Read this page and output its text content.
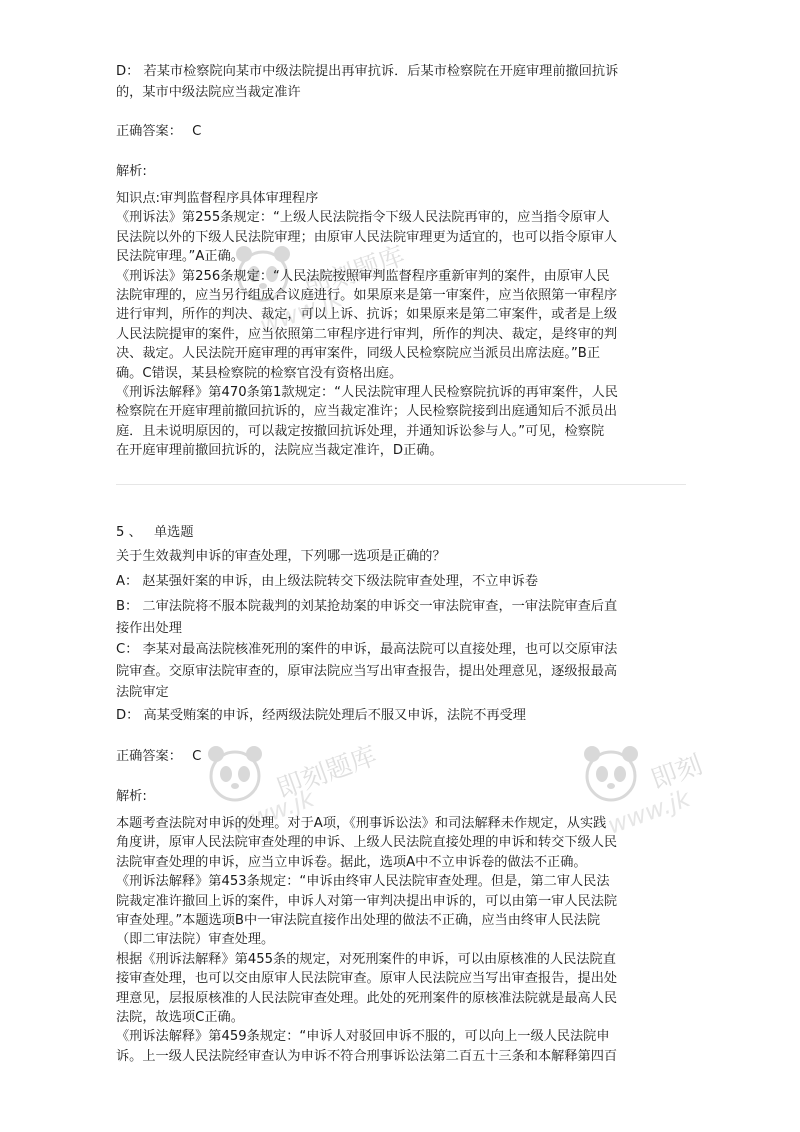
即刻题库
www.jk
即刻题库
www.jk
即刻
www.jk
D： 若某市检察院向某市中级法院提出再审抗诉．后某市检察院在开庭审理前撤回抗诉
的，某市中级法院应当裁定准许
正确答案： C
解析:
知识点:审判监督程序具体审理程序
《刑诉法》第255条规定：“上级人民法院指令下级人民法院再审的，应当指令原审人
民法院以外的下级人民法院审理；由原审人民法院审理更为适宜的，也可以指令原审人
民法院审理。”A正确。
《刑诉法》第256条规定：“人民法院按照审判监督程序重新审判的案件，由原审人民
法院审理的，应当另行组成合议庭进行。如果原来是第一审案件，应当依照第一审程序
进行审判，所作的判决、裁定，可以上诉、抗诉；如果原来是第二审案件，或者是上级
人民法院提审的案件，应当依照第二审程序进行审判，所作的判决、裁定，是终审的判
决、裁定。人民法院开庭审理的再审案件，同级人民检察院应当派员出席法庭。”B正
确。C错误，某县检察院的检察官没有资格出庭。
《刑诉法解释》第470条第1款规定：“人民法院审理人民检察院抗诉的再审案件，人民
检察院在开庭审理前撤回抗诉的，应当裁定准许；人民检察院接到出庭通知后不派员出
庭．且未说明原因的，可以裁定按撤回抗诉处理，并通知诉讼参与人。”可见，检察院
在开庭审理前撤回抗诉的，法院应当裁定准许，D正确。
5 、 单选题
关于生效裁判申诉的审查处理，下列哪一选项是正确的？
A： 赵某强奸案的申诉，由上级法院转交下级法院审查处理，不立申诉卷
B： 二审法院将不服本院裁判的刘某抢劫案的申诉交一审法院审查，一审法院审查后直
接作出处理
C： 李某对最高法院核准死刑的案件的申诉，最高法院可以直接处理，也可以交原审法
院审查。交原审法院审查的，原审法院应当写出审查报告，提出处理意见，逐级报最高
法院审定
D： 高某受贿案的申诉，经两级法院处理后不服又申诉，法院不再受理
正确答案： C
解析:
本题考查法院对申诉的处理。对于A项，《刑事诉讼法》和司法解释未作规定，从实践
角度讲，原审人民法院审查处理的申诉、上级人民法院直接处理的申诉和转交下级人民
法院审查处理的申诉，应当立申诉卷。据此，选项A中不立申诉卷的做法不正确。
《刑诉法解释》第453条规定：“申诉由终审人民法院审查处理。但是，第二审人民法
院裁定准许撤回上诉的案件，申诉人对第一审判决提出申诉的，可以由第一审人民法院
审查处理。”本题选项B中一审法院直接作出处理的做法不正确，应当由终审人民法院
（即二审法院）审查处理。
根据《刑诉法解释》第455条的规定，对死刑案件的申诉，可以由原核准的人民法院直
接审查处理，也可以交由原审人民法院审查。原审人民法院应当写出审查报告，提出处
理意见，层报原核准的人民法院审查处理。此处的死刑案件的原核准法院就是最高人民
法院，故选项C正确。
《刑诉法解释》第459条规定：“申诉人对驳回申诉不服的，可以向上一级人民法院申
诉。上一级人民法院经审查认为申诉不符合刑事诉讼法第二百五十三条和本解释第四百
